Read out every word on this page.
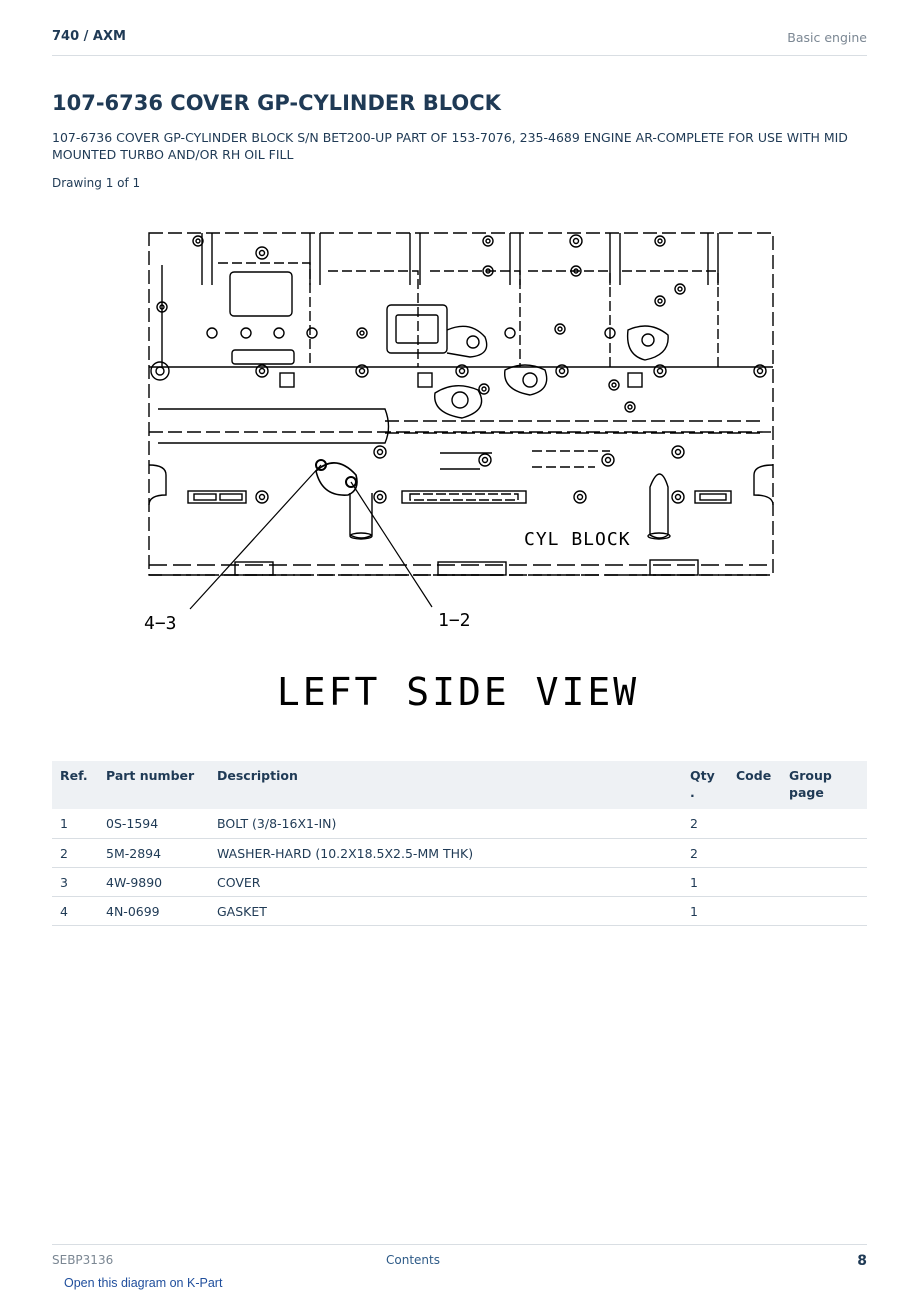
740 / AXM	Basic engine
107-6736 COVER GP-CYLINDER BLOCK
107-6736 COVER GP-CYLINDER BLOCK S/N BET200-UP PART OF 153-7076, 235-4689 ENGINE AR-COMPLETE FOR USE WITH MID MOUNTED TURBO AND/OR RH OIL FILL
Drawing 1 of 1
CYL BLOCK
4−3	1−2
LEFT SIDE VIEW
Ref.	Part number	Description	Qty .	Code	Group page
1	0S-1594	BOLT (3/8-16X1-IN)	2		
2	5M-2894	WASHER-HARD (10.2X18.5X2.5-MM THK)	2		
3	4W-9890	COVER	1		
4	4N-0699	GASKET	1		
SEBP3136	Contents	8
Open this diagram on K-Part
